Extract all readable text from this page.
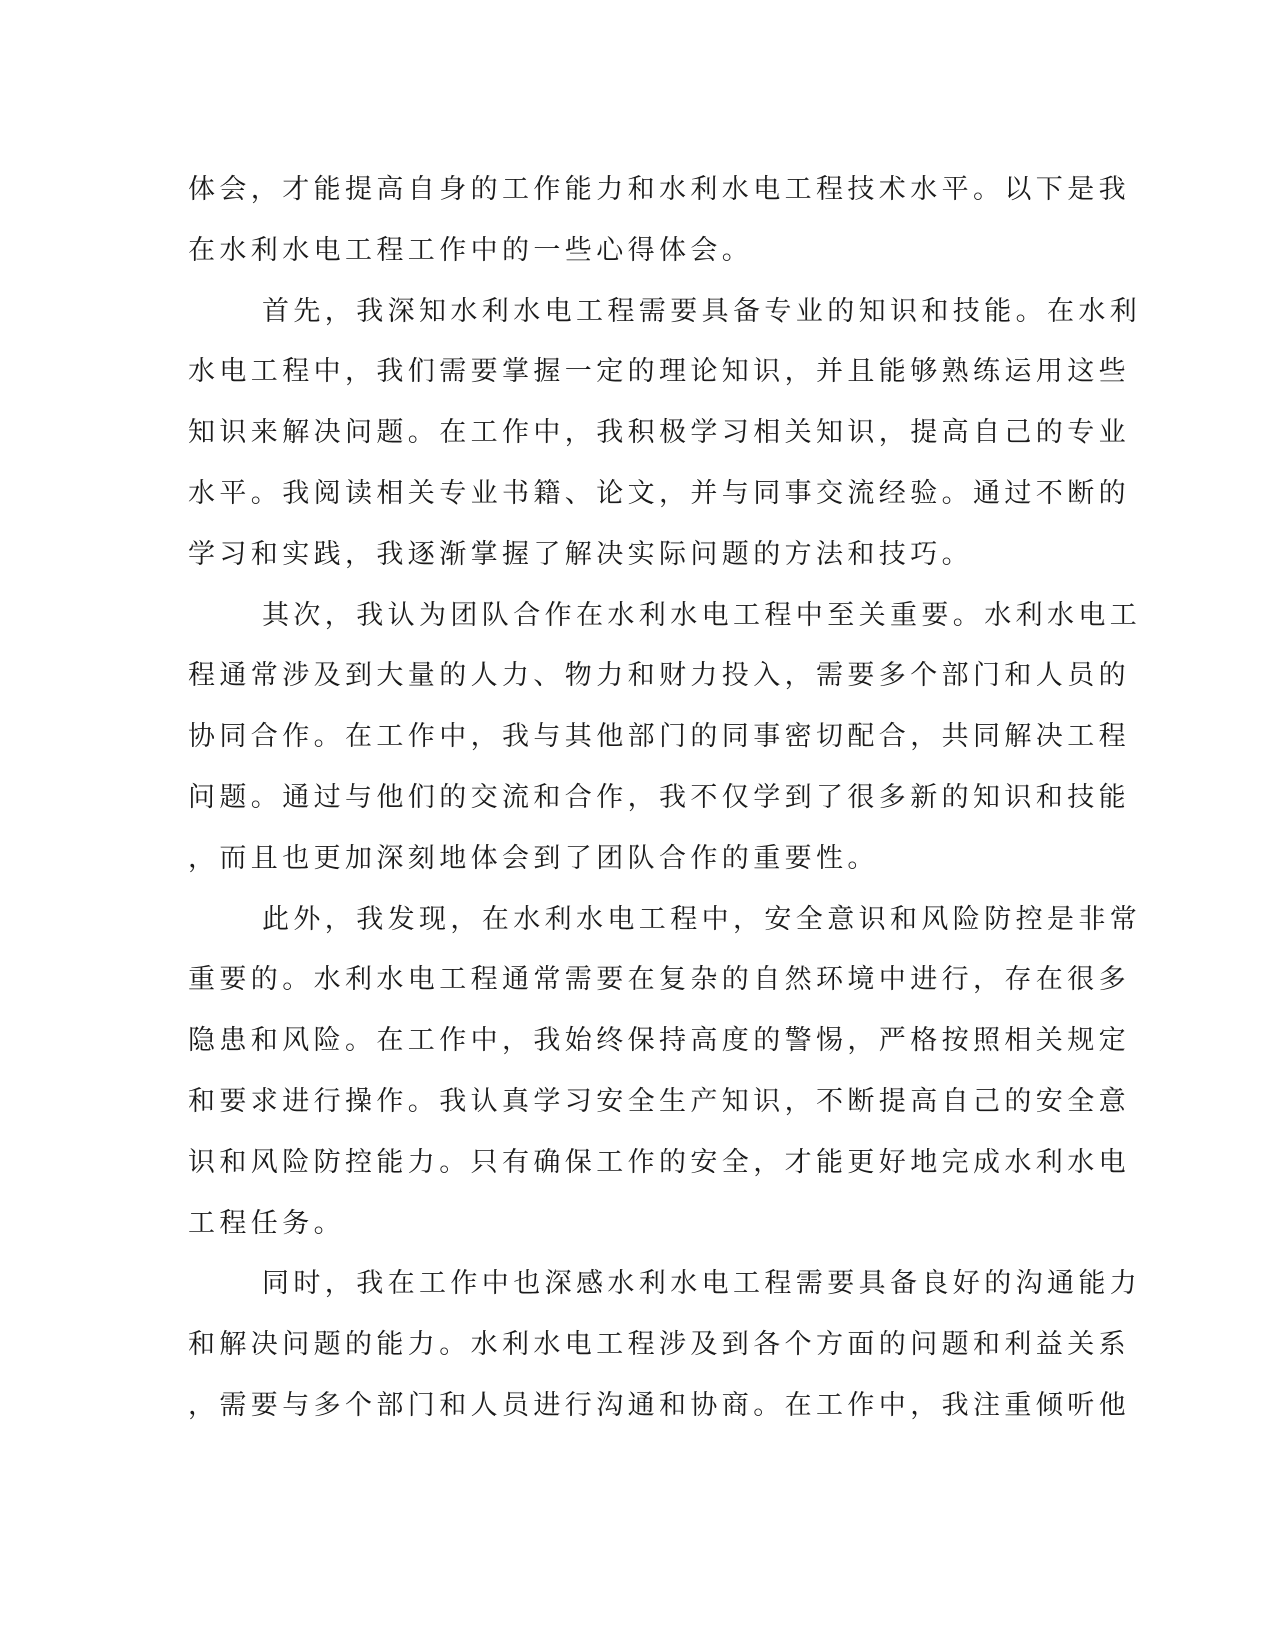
体会，才能提高自身的工作能力和水利水电工程技术水平。以下是我
在水利水电工程工作中的一些心得体会。
首先，我深知水利水电工程需要具备专业的知识和技能。在水利
水电工程中，我们需要掌握一定的理论知识，并且能够熟练运用这些
知识来解决问题。在工作中，我积极学习相关知识，提高自己的专业
水平。我阅读相关专业书籍、论文，并与同事交流经验。通过不断的
学习和实践，我逐渐掌握了解决实际问题的方法和技巧。
其次，我认为团队合作在水利水电工程中至关重要。水利水电工
程通常涉及到大量的人力、物力和财力投入，需要多个部门和人员的
协同合作。在工作中，我与其他部门的同事密切配合，共同解决工程
问题。通过与他们的交流和合作，我不仅学到了很多新的知识和技能
，而且也更加深刻地体会到了团队合作的重要性。
此外，我发现，在水利水电工程中，安全意识和风险防控是非常
重要的。水利水电工程通常需要在复杂的自然环境中进行，存在很多
隐患和风险。在工作中，我始终保持高度的警惕，严格按照相关规定
和要求进行操作。我认真学习安全生产知识，不断提高自己的安全意
识和风险防控能力。只有确保工作的安全，才能更好地完成水利水电
工程任务。
同时，我在工作中也深感水利水电工程需要具备良好的沟通能力
和解决问题的能力。水利水电工程涉及到各个方面的问题和利益关系
，需要与多个部门和人员进行沟通和协商。在工作中，我注重倾听他
